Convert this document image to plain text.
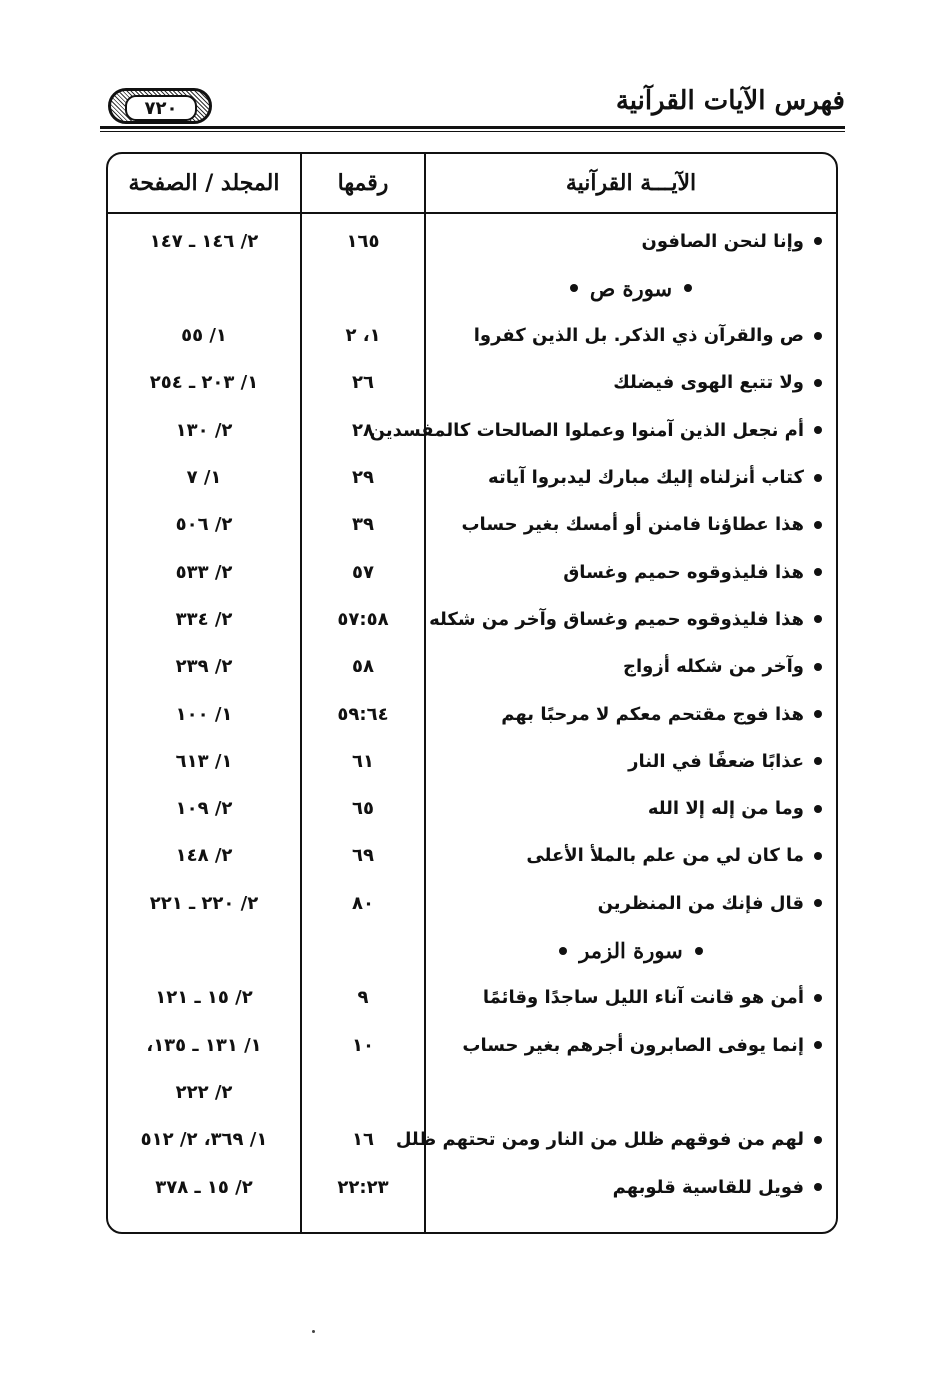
فهرس الآيات القرآنية
٧٢٠
الآيـــة القرآنية
رقمها
المجلد / الصفحة
وإنا لنحن الصافون
١٦٥
٢/ ١٤٦ ـ ١٤٧
سورة ص
ص والقرآن ذي الذكر. بل الذين كفروا
١، ٢
١/ ٥٥
ولا تتبع الهوى فيضلك
٢٦
١/ ٢٠٣ ـ ٢٥٤
أم نجعل الذين آمنوا وعملوا الصالحات كالمفسدين
٢٨
٢/ ١٣٠
كتاب أنزلناه إليك مبارك ليدبروا آياته
٢٩
١/ ٧
هذا عطاؤنا فامنن أو أمسك بغير حساب
٣٩
٢/ ٥٠٦
هذا فليذوقوه حميم وغساق
٥٧
٢/ ٥٣٣
هذا فليذوقوه حميم وغساق وآخر من شكله
٥٧:٥٨
٢/ ٣٣٤
وآخر من شكله أزواج
٥٨
٢/ ٢٣٩
هذا فوج مقتحم معكم لا مرحبًا بهم
٥٩:٦٤
١/ ١٠٠
عذابًا ضعفًا في النار
٦١
١/ ٦١٣
وما من إله إلا الله
٦٥
٢/ ١٠٩
ما كان لي من علم بالملأ الأعلى
٦٩
٢/ ١٤٨
قال فإنك من المنظرين
٨٠
٢/ ٢٢٠ ـ ٢٢١
سورة الزمر
أمن هو قانت آناء الليل ساجدًا وقائمًا
٩
٢/ ١٥ ـ ١٢١
إنما يوفى الصابرون أجرهم بغير حساب
١٠
١/ ١٣١ ـ ١٣٥،
٢/ ٢٢٢
لهم من فوقهم ظلل من النار ومن تحتهم ظلل
١٦
١/ ٣٦٩، ٢/ ٥١٢
فويل للقاسية قلوبهم
٢٢:٢٣
٢/ ١٥ ـ ٣٧٨
